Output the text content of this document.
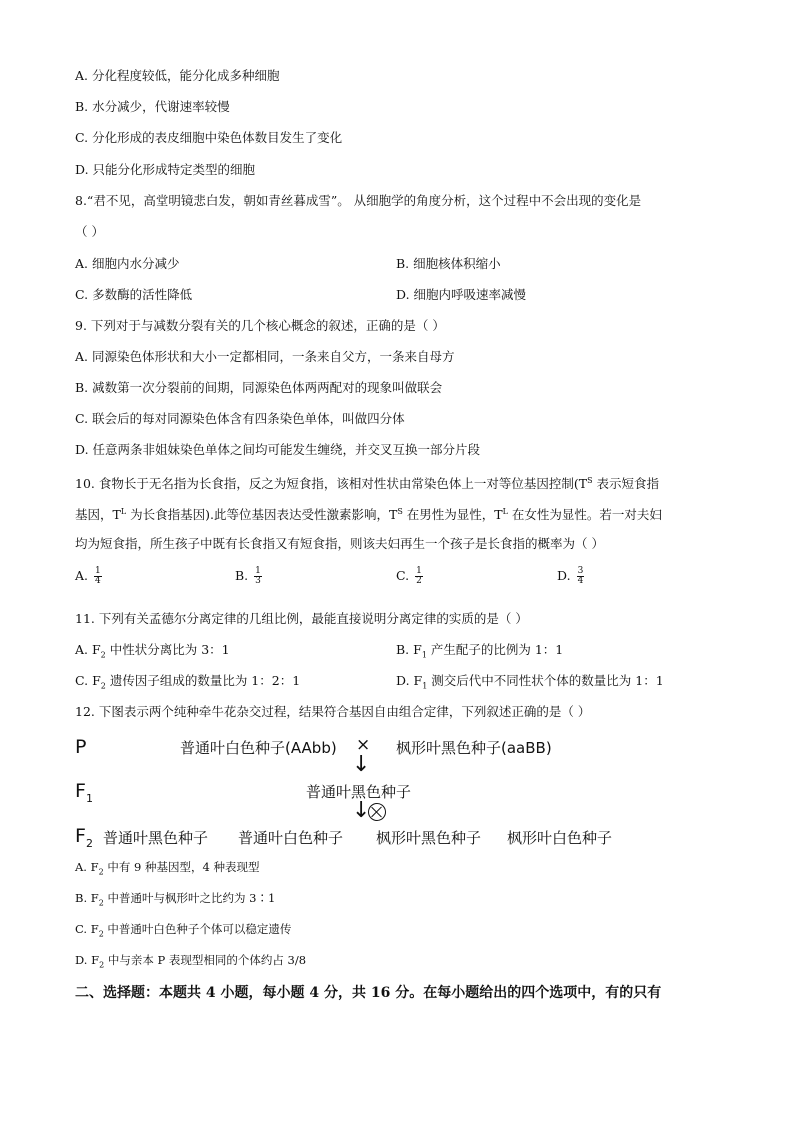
A. 分化程度较低，能分化成多种细胞
B. 水分减少，代谢速率较慢
C. 分化形成的表皮细胞中染色体数目发生了变化
D. 只能分化形成特定类型的细胞
8.“君不见，高堂明镜悲白发，朝如青丝暮成雪”。 从细胞学的角度分析，这个过程中不会出现的变化是
（ ）
A. 细胞内水分减少	B. 细胞核体积缩小
C. 多数酶的活性降低	D. 细胞内呼吸速率减慢
9. 下列对于与减数分裂有关的几个核心概念的叙述，正确的是（ ）
A. 同源染色体形状和大小一定都相同，一条来自父方，一条来自母方
B. 减数第一次分裂前的间期，同源染色体两两配对的现象叫做联会
C. 联会后的每对同源染色体含有四条染色单体，叫做四分体
D. 任意两条非姐妹染色单体之间均可能发生缠绕，并交叉互换一部分片段
10. 食物长于无名指为长食指，反之为短食指，该相对性状由常染色体上一对等位基因控制($T^S$ 表示短食指
基因，$T^L$ 为长食指基因).此等位基因表达受性激素影响，$T^S$ 在男性为显性，$T^L$ 在女性为显性。若一对夫妇
均为短食指，所生孩子中既有长食指又有短食指，则该夫妇再生一个孩子是长食指的概率为（ ）
A. $\frac{1}{4}$	B. $\frac{1}{3}$	C. $\frac{1}{2}$	D. $\frac{3}{4}$
11. 下列有关孟德尔分离定律的几组比例，最能直接说明分离定律的实质的是（ ）
A. $F_2$ 中性状分离比为 3：1	B. $F_1$ 产生配子的比例为 1：1
C. $F_2$ 遗传因子组成的数量比为 1：2：1	D. $F_1$ 测交后代中不同性状个体的数量比为 1：1
12. 下图表示两个纯种牵牛花杂交过程，结果符合基因自由组合定律，下列叙述正确的是（ ）
P	普通叶白色种子(AAbb) × 枫形叶黑色种子(aaBB)
↓
$F_1$	普通叶黑色种子
↓
$F_2$ 普通叶黑色种子 普通叶白色种子 枫形叶黑色种子 枫形叶白色种子
A. $F_2$ 中有 9 种基因型，4 种表现型
B. $F_2$ 中普通叶与枫形叶之比约为 3∶1
C. $F_2$ 中普通叶白色种子个体可以稳定遗传
D. $F_2$ 中与亲本 P 表现型相同的个体约占 3/8
二、选择题：本题共 4 小题，每小题 4 分，共 16 分。在每小题给出的四个选项中，有的只有
